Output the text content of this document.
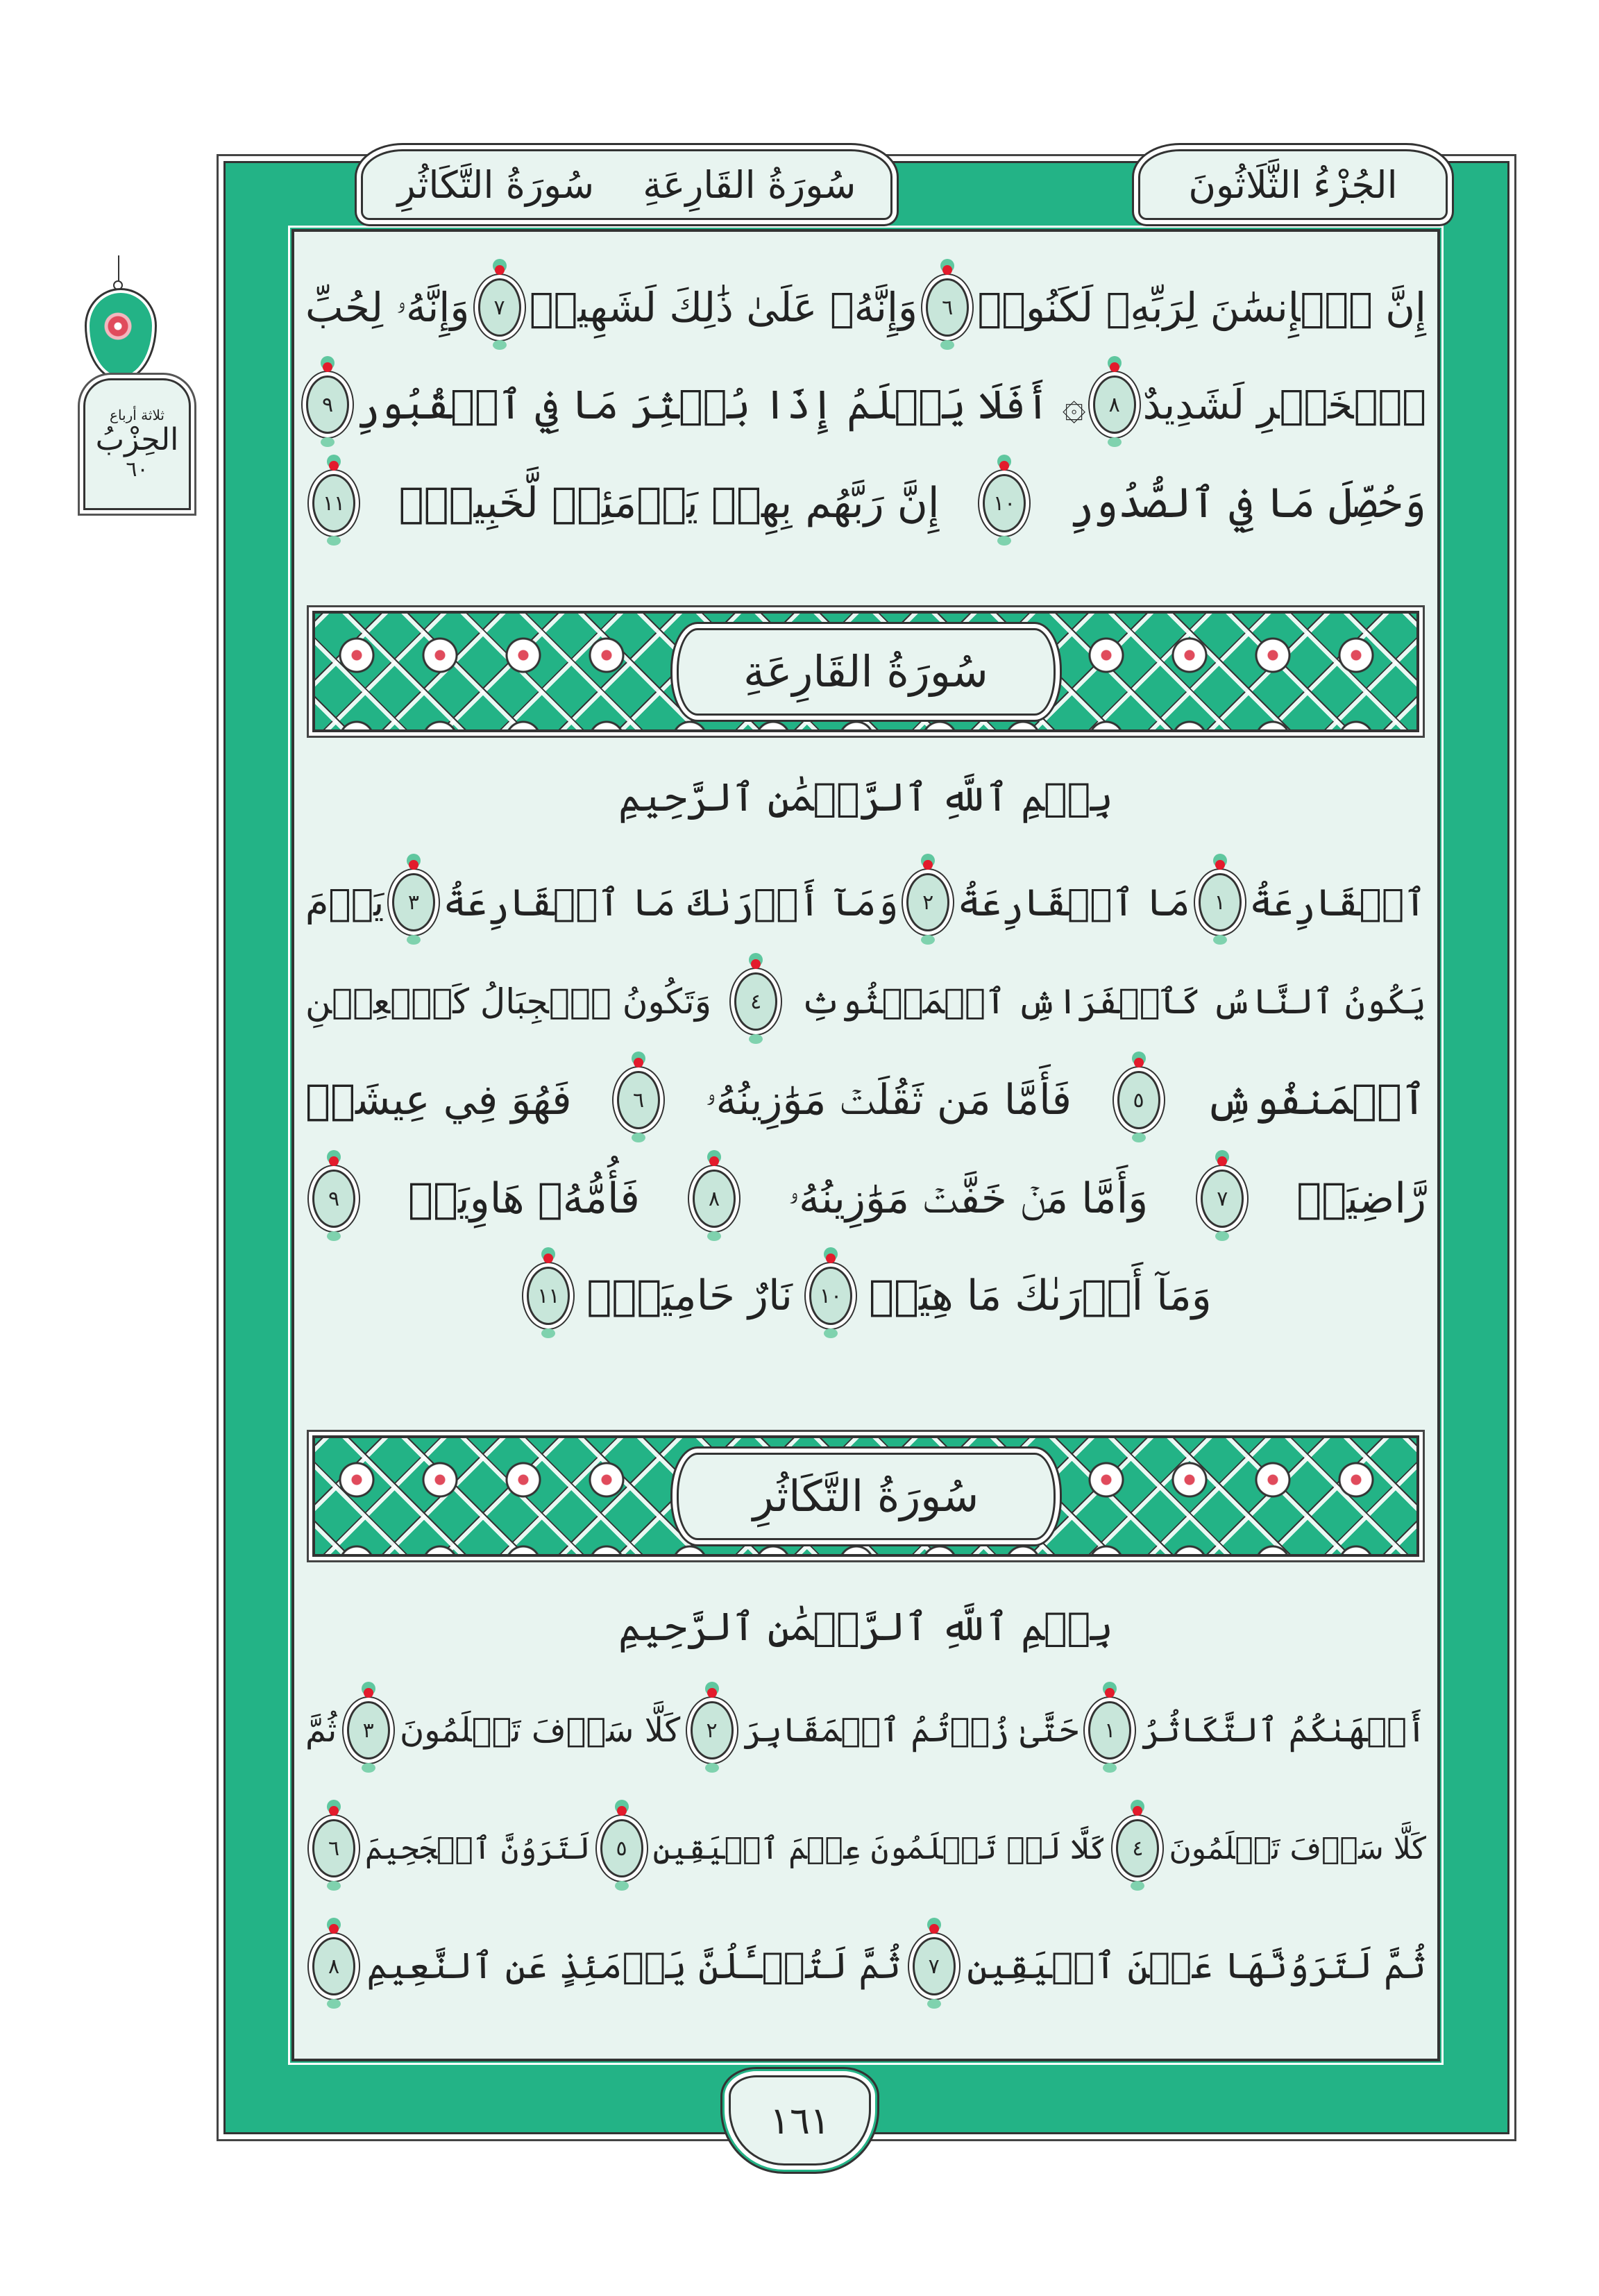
سُورَةُ القَارِعَةِ
سُورَةُ التَّكَاثُرِ	الجُزْءُ الثَّلَاثُونَ
ثلاثة أرباع
الحِزْبُ
٦٠
إِنَّ ٱلۡإِنسَٰنَ لِرَبِّهِۦ لَكَنُودٞ
٦
وَإِنَّهُۥ عَلَىٰ ذَٰلِكَ لَشَهِيدٞ
٧
وَإِنَّهُۥ لِحُبِّ
ٱلۡخَيۡرِ لَشَدِيدٌ
٨
۞ أَفَلَا يَعۡلَمُ إِذَا بُعۡثِرَ مَا فِي ٱلۡقُبُورِ
٩
وَحُصِّلَ مَا فِي ٱلصُّدُورِ
١٠
إِنَّ رَبَّهُم بِهِمۡ يَوۡمَئِذٖ لَّخَبِيرُۢ
١١
سُورَةُ القَارِعَةِ
بِسۡمِ ٱللَّهِ ٱلرَّحۡمَٰنِ ٱلرَّحِيمِ
ٱلۡقَارِعَةُ
١
مَا ٱلۡقَارِعَةُ
٢
وَمَآ أَدۡرَىٰكَ مَا ٱلۡقَارِعَةُ
٣
يَوۡمَ
يَكُونُ ٱلنَّاسُ كَٱلۡفَرَاشِ ٱلۡمَبۡثُوثِ
٤
وَتَكُونُ ٱلۡجِبَالُ كَٱلۡعِهۡنِ
ٱلۡمَنفُوشِ
٥
فَأَمَّا مَن ثَقُلَتۡ مَوَٰزِينُهُۥ
٦
فَهُوَ فِي عِيشَةٖ
رَّاضِيَةٖ
٧
وَأَمَّا مَنۡ خَفَّتۡ مَوَٰزِينُهُۥ
٨
فَأُمُّهُۥ هَاوِيَةٞ
٩
وَمَآ أَدۡرَىٰكَ مَا هِيَهۡ
١٠
نَارٌ حَامِيَةُۢ
١١
سُورَةُ التَّكَاثُرِ
بِسۡمِ ٱللَّهِ ٱلرَّحۡمَٰنِ ٱلرَّحِيمِ
أَلۡهَىٰكُمُ ٱلتَّكَاثُرُ
١
حَتَّىٰ زُرۡتُمُ ٱلۡمَقَابِرَ
٢
كَلَّا سَوۡفَ تَعۡلَمُونَ
٣
ثُمَّ
كَلَّا سَوۡفَ تَعۡلَمُونَ
٤
كَلَّا لَوۡ تَعۡلَمُونَ عِلۡمَ ٱلۡيَقِينِ
٥
لَتَرَوُنَّ ٱلۡجَحِيمَ
٦
ثُمَّ لَتَرَوُنَّهَا عَيۡنَ ٱلۡيَقِينِ
٧
ثُمَّ لَتُسۡـَٔلُنَّ يَوۡمَئِذٍ عَنِ ٱلنَّعِيمِ
٨
١٦١
